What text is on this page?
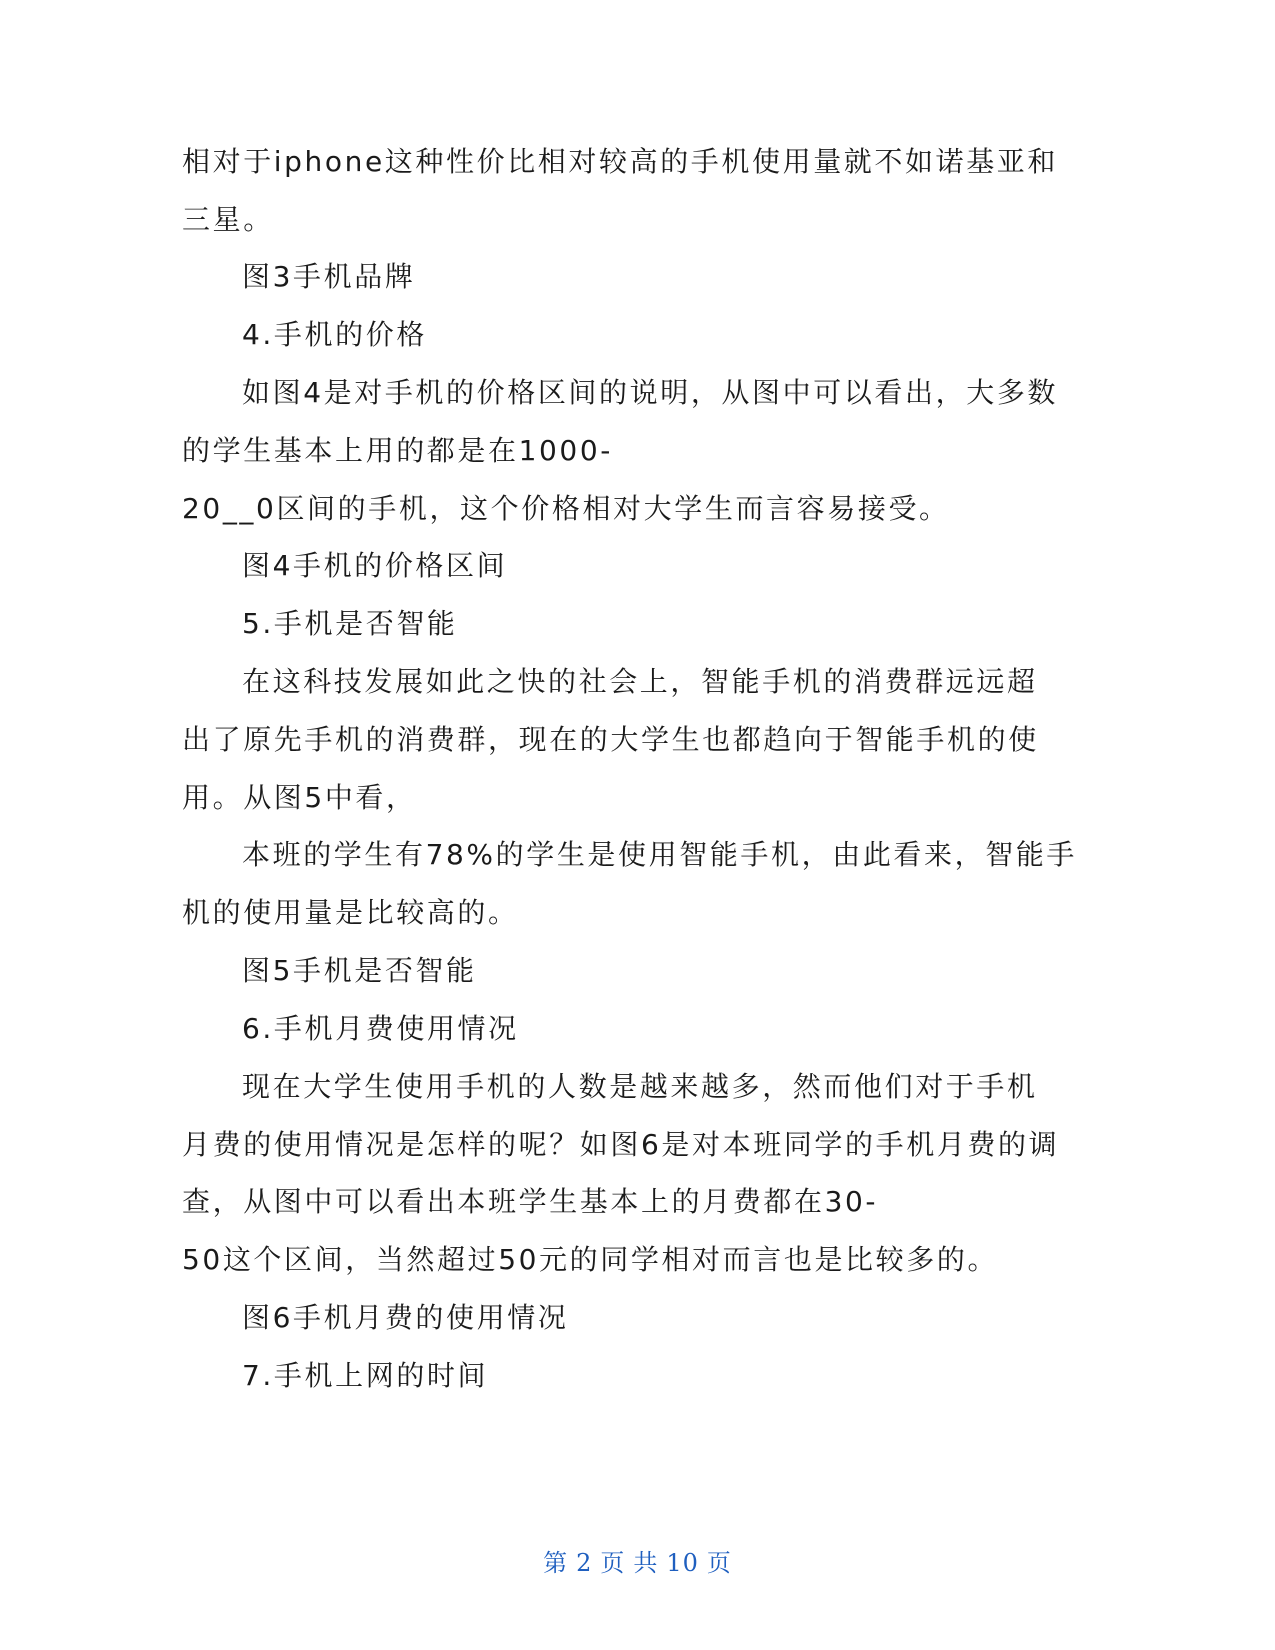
相对于iphone这种性价比相对较高的手机使用量就不如诺基亚和
三星。
图3手机品牌
4.手机的价格
如图4是对手机的价格区间的说明，从图中可以看出，大多数
的学生基本上用的都是在1000-
20__0区间的手机，这个价格相对大学生而言容易接受。
图4手机的价格区间
5.手机是否智能
在这科技发展如此之快的社会上，智能手机的消费群远远超
出了原先手机的消费群，现在的大学生也都趋向于智能手机的使
用。从图5中看，
本班的学生有78%的学生是使用智能手机，由此看来，智能手
机的使用量是比较高的。
图5手机是否智能
6.手机月费使用情况
现在大学生使用手机的人数是越来越多，然而他们对于手机
月费的使用情况是怎样的呢？如图6是对本班同学的手机月费的调
查，从图中可以看出本班学生基本上的月费都在30-
50这个区间，当然超过50元的同学相对而言也是比较多的。
图6手机月费的使用情况
7.手机上网的时间
第 2 页 共 10 页
